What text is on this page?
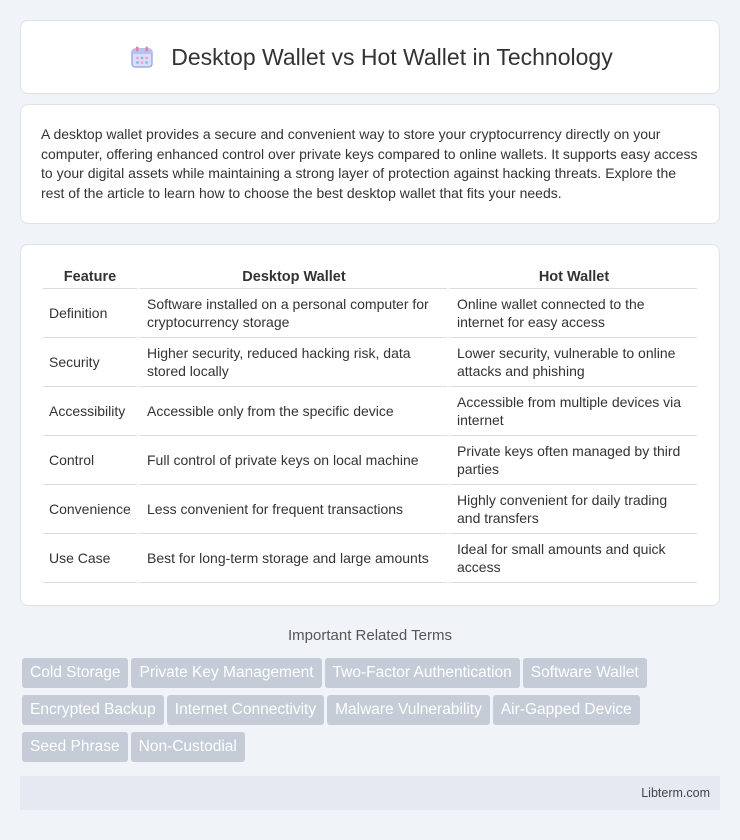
Desktop Wallet vs Hot Wallet in Technology

A desktop wallet provides a secure and convenient way to store your cryptocurrency directly on your computer, offering enhanced control over private keys compared to online wallets. It supports easy access to your digital assets while maintaining a strong layer of protection against hacking threats. Explore the rest of the article to learn how to choose the best desktop wallet that fits your needs.

Feature	Desktop Wallet	Hot Wallet
Definition	Software installed on a personal computer for cryptocurrency storage	Online wallet connected to the internet for easy access
Security	Higher security, reduced hacking risk, data stored locally	Lower security, vulnerable to online attacks and phishing
Accessibility	Accessible only from the specific device	Accessible from multiple devices via internet
Control	Full control of private keys on local machine	Private keys often managed by third parties
Convenience	Less convenient for frequent transactions	Highly convenient for daily trading and transfers
Use Case	Best for long-term storage and large amounts	Ideal for small amounts and quick access
Important Related Terms
Cold Storage Private Key Management Two-Factor Authentication Software Wallet
Encrypted Backup Internet Connectivity Malware Vulnerability Air-Gapped Device
Seed Phrase Non-Custodial
Libterm.com
